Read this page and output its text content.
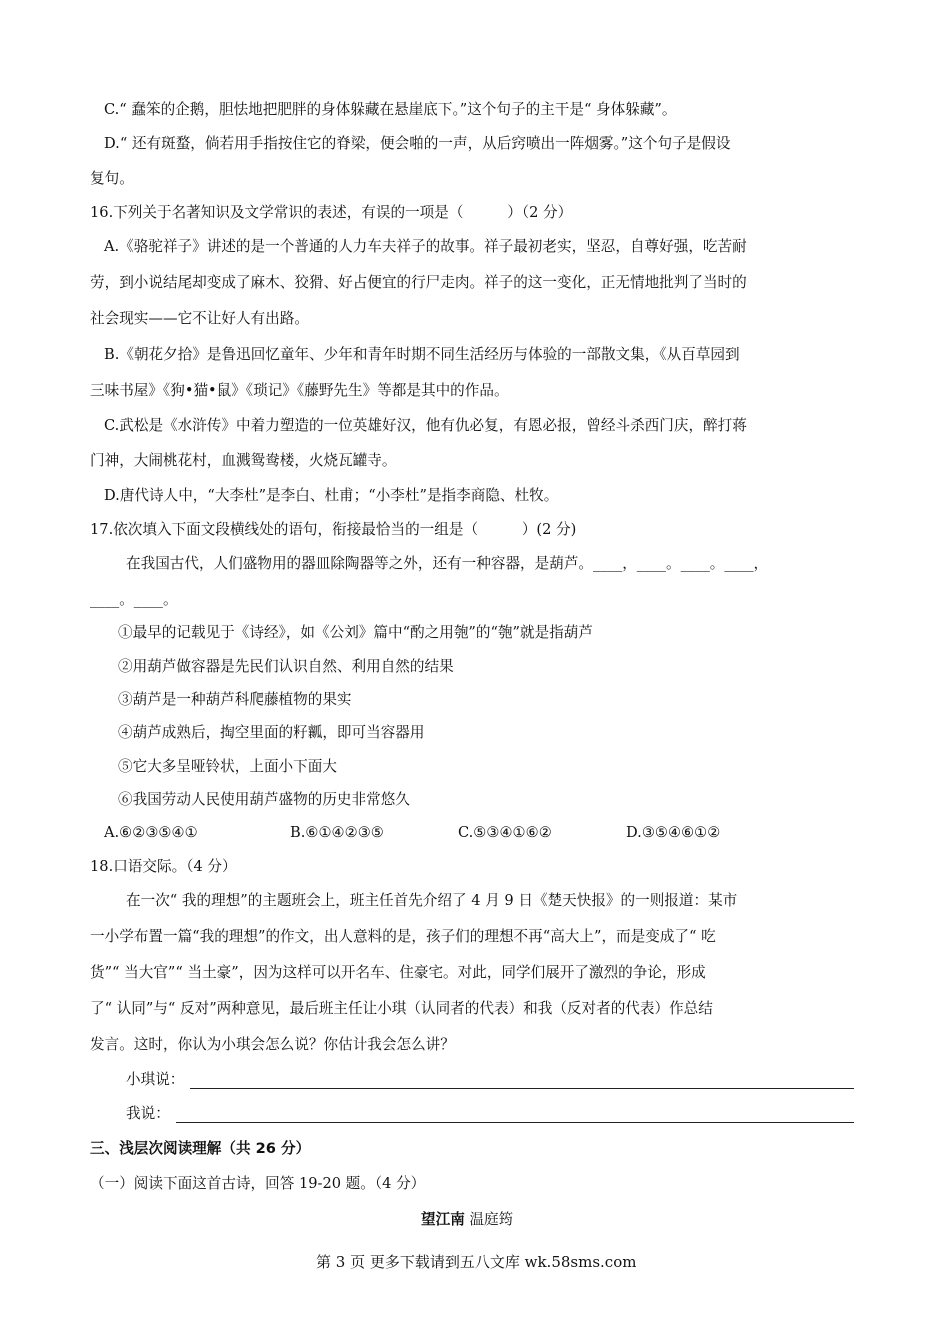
C.“ 蠢笨的企鹅，胆怯地把肥胖的身体躲藏在悬崖底下。”这个句子的主干是“ 身体躲藏”。
D.“ 还有斑蝥，倘若用手指按住它的脊梁，便会啪的一声，从后窍喷出一阵烟雾。”这个句子是假设
复句。
16.下列关于名著知识及文学常识的表述，有误的一项是（　　　）（2 分）
A.《骆驼祥子》讲述的是一个普通的人力车夫祥子的故事。祥子最初老实，坚忍，自尊好强，吃苦耐
劳，到小说结尾却变成了麻木、狡猾、好占便宜的行尸走肉。祥子的这一变化，正无情地批判了当时的
社会现实——它不让好人有出路。
B.《朝花夕拾》是鲁迅回忆童年、少年和青年时期不同生活经历与体验的一部散文集，《从百草园到
三味书屋》《狗•猫•鼠》《琐记》《藤野先生》等都是其中的作品。
C.武松是《水浒传》中着力塑造的一位英雄好汉，他有仇必复，有恩必报，曾经斗杀西门庆，醉打蒋
门神，大闹桃花村，血溅鸳鸯楼，火烧瓦罐寺。
D.唐代诗人中，“大李杜”是李白、杜甫；“小李杜”是指李商隐、杜牧。
17.依次填入下面文段横线处的语句，衔接最恰当的一组是（　　　）(2 分)
在我国古代，人们盛物用的器皿除陶器等之外，还有一种容器，是葫芦。____，____。____。____，
____。____。
①最早的记载见于《诗经》，如《公刘》篇中“酌之用匏”的“匏”就是指葫芦
②用葫芦做容器是先民们认识自然、利用自然的结果
③葫芦是一种葫芦科爬藤植物的果实
④葫芦成熟后，掏空里面的籽瓤，即可当容器用
⑤它大多呈哑铃状，上面小下面大
⑥我国劳动人民使用葫芦盛物的历史非常悠久
A.⑥②③⑤④①	B.⑥①④②③⑤	C.⑤③④①⑥②	D.③⑤④⑥①②
18.口语交际。（4 分）
在一次“ 我的理想”的主题班会上，班主任首先介绍了 4 月 9 日《楚天快报》的一则报道：某市
一小学布置一篇“我的理想”的作文，出人意料的是，孩子们的理想不再“高大上”，而是变成了“ 吃
货”“ 当大官”“ 当土豪”，因为这样可以开名车、住豪宅。对此，同学们展开了激烈的争论，形成
了“ 认同”与“ 反对”两种意见，最后班主任让小琪（认同者的代表）和我（反对者的代表）作总结
发言。这时，你认为小琪会怎么说？你估计我会怎么讲？
小琪说：
我说：
三、浅层次阅读理解（共 26 分）
（一）阅读下面这首古诗，回答 19-20 题。（4 分）
望江南 温庭筠
第 3 页 更多下载请到五八文库 wk.58sms.com
